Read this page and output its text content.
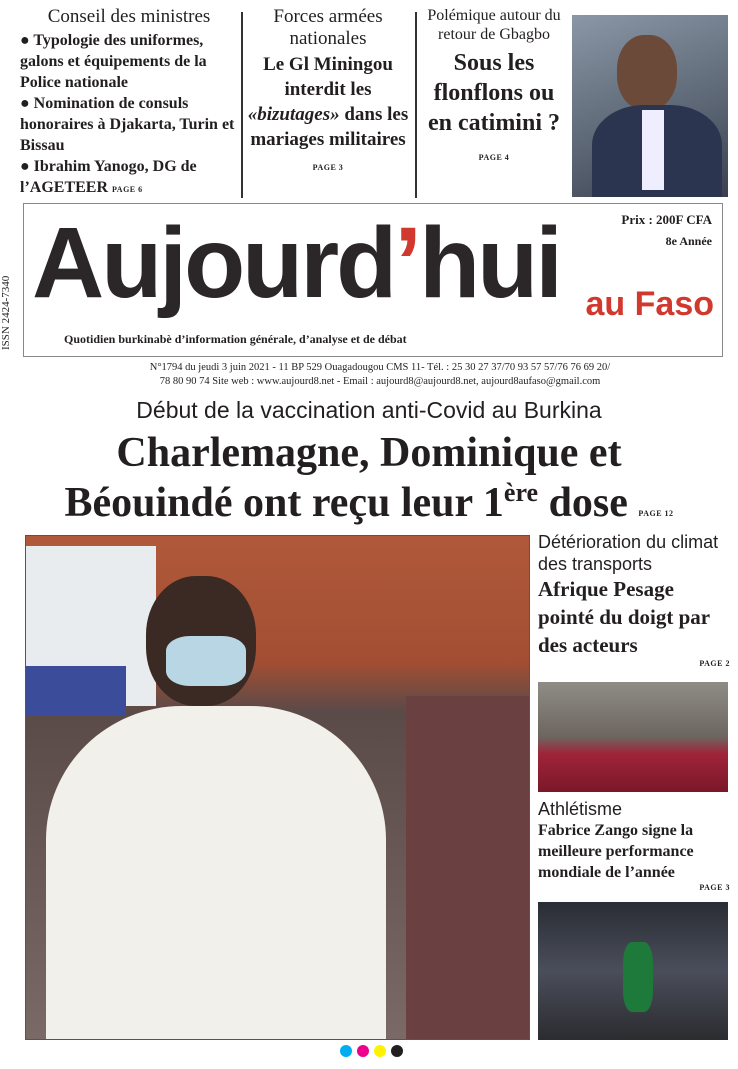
Conseil des ministres
● Typologie des uniformes, galons et équipements de la Police nationale
● Nomination de consuls honoraires à Djakarta, Turin et Bissau
● Ibrahim Yanogo, DG de l’AGETEER PAGE 6
Forces armées nationales
Le Gl Miningou interdit les «bizutages» dans les mariages militaires PAGE 3
Polémique autour du retour de Gbagbo
Sous les flonflons ou en catimini ? PAGE 4
Aujourd’hui	Prix : 200F CFA
8e Année
Quotidien burkinabè d’information générale, d’analyse et de débat
au Faso
ISSN 2424-7340
N°1794 du jeudi 3 juin 2021 - 11 BP 529 Ouagadougou CMS 11- Tél. : 25 30 27 37/70 93 57 57/76 76 69 20/
78 80 90 74 Site web : www.aujourd8.net - Email : aujourd8@aujourd8.net, aujourd8aufaso@gmail.com
Début de la vaccination anti-Covid au Burkina
Charlemagne, Dominique et
Béouindé ont reçu leur 1ère dose PAGE 12
Détérioration du climat des transports
Afrique Pesage pointé du doigt par des acteurs
PAGE 2
Athlétisme
Fabrice Zango signe la meilleure performance mondiale de l’année
PAGE 3
